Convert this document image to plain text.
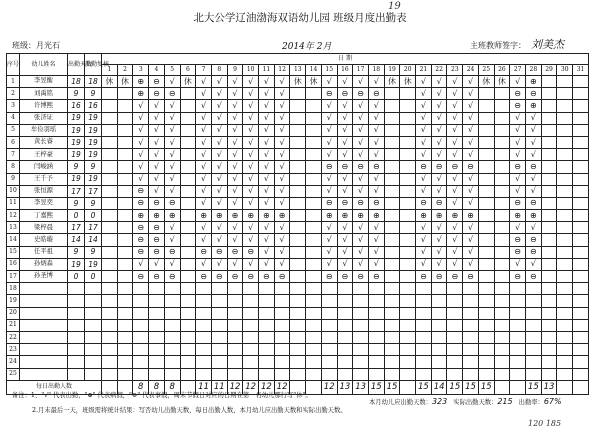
北大公学辽油渤海双语幼儿园 班级月度出勤表
19
班级：月光石	2014年 2月	主班教师签字： 刘美杰
序号	幼儿姓名	出勤天数	出勤复核	日 期																														
				1	2	3	4	5	6	7	8	9	10	11	12	13	14	15	16	17	18	19	20	21	22	23	24	25	26	27	28	29	30	31
1	李昱衡	18	18	休	休	⊕	⊖	√	休	√	√	√	√	√	√	休	休	√	√	√	√	休	休	√	√	√	√	休	休	√	⊕			
2	刘禹铭	9	9			⊕	⊖	⊖		√	√	√	√	√	√			⊖	⊖	⊖	⊖			√	√	√	√			⊖	⊖			
3	许博熙	16	16			√	√	√		√	√	√	√	√	√			√	√	√	√			√	√	√	√			⊖	⊕			
4	张济证	19	19			√	√	√		√	√	√	√	√	√			√	√	√	√			√	√	√	√			√	√			
5	牟俭羽瑶	19	19			√	√	√		√	√	√	√	√	√			√	√	√	√			√	√	√	√			√	√			
6	黄长睿	19	19			√	√	√		√	√	√	√	√	√			√	√	√	√			√	√	√	√			√	√			
7	王梓豪	19	19			√	√	√		√	√	√	√	√	√			√	√	√	√			√	√	√	√			√	√			
8	闫峻涵	9	9			√	√	√		√	√	√	√	√	√			⊖	⊖	⊖	⊖			⊖	⊖	⊖	⊖			⊖	⊖			
9	王千予	19	19			√	√	√		√	√	√	√	√	√			√	√	√	√			√	√	√	√			√	√			
10	张恒源	17	17			⊖	√	√		√	√	√	√	√	√			√	√	√	√			√	√	√	√			√	√			
11	李昱奕	9	9			⊖	⊖	⊖		√	√	√	√	√	√			⊖	⊖	⊖	⊖			⊖	⊖	√	√			⊖	⊖			
12	丁嘉熙	0	0			⊕	⊕	⊕		⊕	⊕	⊕	⊕	⊕	⊕			⊕	⊕	⊕	⊕			⊕	⊕	⊕	⊕			⊕	⊕			
13	梁梓晨	17	17			⊖	⊖	√		√	√	√	√	√	√			√	√	√	√			√	√	√	√			√	√			
14	史皓璇	14	14			⊖	⊖	√		√	√	√	√	√	√			√	√	√	√			√	√	√	√			⊖	⊖			
15	任平祖	9	9			⊖	⊖	⊖		⊖	⊖	⊖	⊖	√	√			√	√	√	√			√	√	√	√			⊖	⊖			
16	孙炳森	19	19			√	√	√		√	√	√	√	√	√			√	√	√	√			√	√	√	√			√	√			
17	孙圣博	0	0			⊖	⊖	⊖		⊖	⊖	⊖	⊖	⊖	⊖			⊖	⊖	⊖	⊖			⊖	⊖	⊖	⊖			⊖	⊖			
18																																		
19																																		
20																																		
21																																		
22																																		
23																																		
24																																		
25																																		
每日出勤人数						8	8	8		11	11	12	12	12	12			12	13	13	15	15		15	14	15	15	15			15	13		
备注：1、"√" 代表出勤，"⊕" 代表病假，"⊖" 代表事假，周末节假日对应的日期在第一名幼儿那行写"休"。
2.月末最后一天，班级需将统计结果：写否幼儿出勤天数，每日出勤人数，本月幼儿应出勤天数和实际出勤天数。
本月幼儿应出勤天数：323 实际出勤天数：215 出勤率：67%
120 185
